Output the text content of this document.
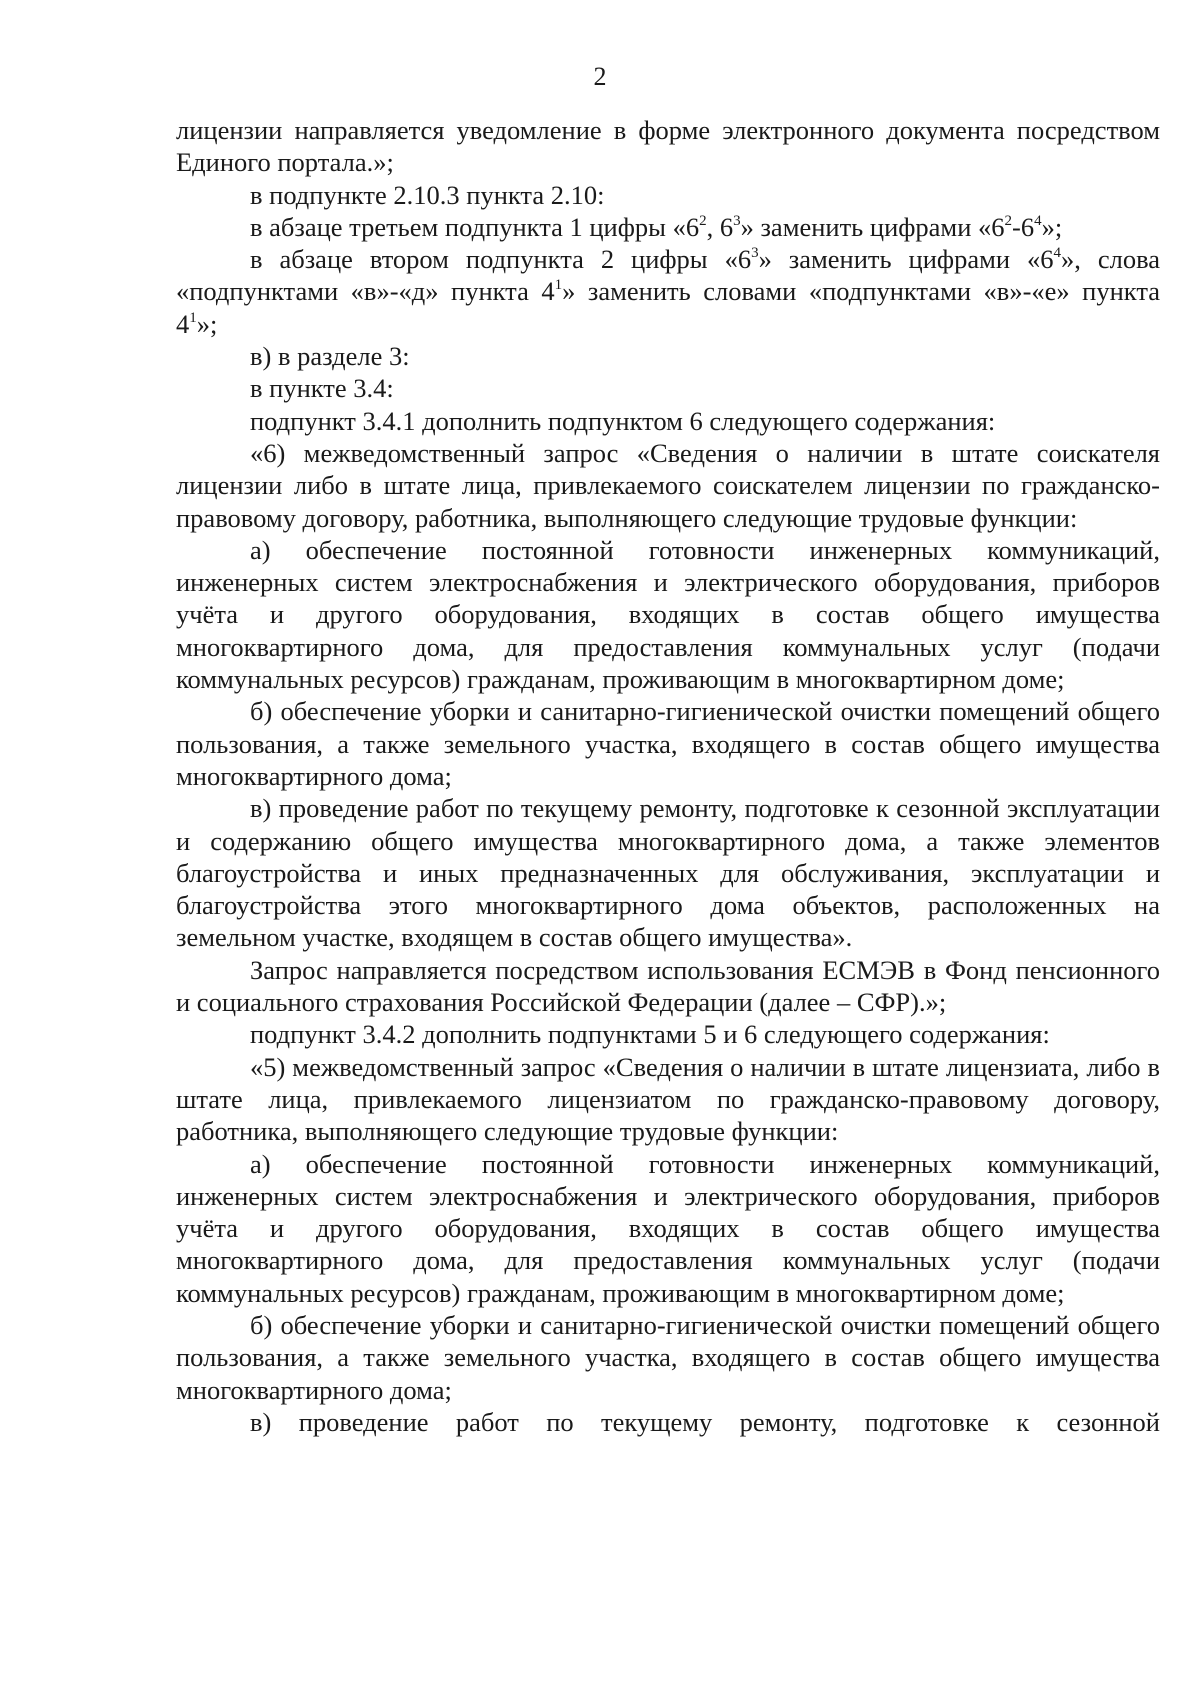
2

лицензии направляется уведомление в форме электронного документа посредством Единого портала.»;

в подпункте 2.10.3 пункта 2.10:

в абзаце третьем подпункта 1 цифры «$6^2$, $6^3$» заменить цифрами «$6^2-6^4$»;

в абзаце втором подпункта 2 цифры «$6^3$» заменить цифрами «$6^4$», слова «подпунктами «в»-«д» пункта $4^1$» заменить словами «подпунктами «в»-«е» пункта $4^1$»;

в) в разделе 3:

в пункте 3.4:

подпункт 3.4.1 дополнить подпунктом 6 следующего содержания:

«6) межведомственный запрос «Сведения о наличии в штате соискателя лицензии либо в штате лица, привлекаемого соискателем лицензии по гражданско-правовому договору, работника, выполняющего следующие трудовые функции:

а) обеспечение постоянной готовности инженерных коммуникаций, инженерных систем электроснабжения и электрического оборудования, приборов учёта и другого оборудования, входящих в состав общего имущества многоквартирного дома, для предоставления коммунальных услуг (подачи коммунальных ресурсов) гражданам, проживающим в многоквартирном доме;

б) обеспечение уборки и санитарно-гигиенической очистки помещений общего пользования, а также земельного участка, входящего в состав общего имущества многоквартирного дома;

в) проведение работ по текущему ремонту, подготовке к сезонной эксплуатации и содержанию общего имущества многоквартирного дома, а также элементов благоустройства и иных предназначенных для обслуживания, эксплуатации и благоустройства этого многоквартирного дома объектов, расположенных на земельном участке, входящем в состав общего имущества».

Запрос направляется посредством использования ЕСМЭВ в Фонд пенсионного и социального страхования Российской Федерации (далее – СФР).»;

подпункт 3.4.2 дополнить подпунктами 5 и 6 следующего содержания:

«5) межведомственный запрос «Сведения о наличии в штате лицензиата, либо в штате лица, привлекаемого лицензиатом по гражданско-правовому договору, работника, выполняющего следующие трудовые функции:

а) обеспечение постоянной готовности инженерных коммуникаций, инженерных систем электроснабжения и электрического оборудования, приборов учёта и другого оборудования, входящих в состав общего имущества многоквартирного дома, для предоставления коммунальных услуг (подачи коммунальных ресурсов) гражданам, проживающим в многоквартирном доме;

б) обеспечение уборки и санитарно-гигиенической очистки помещений общего пользования, а также земельного участка, входящего в состав общего имущества многоквартирного дома;

в) проведение работ по текущему ремонту, подготовке к сезонной
